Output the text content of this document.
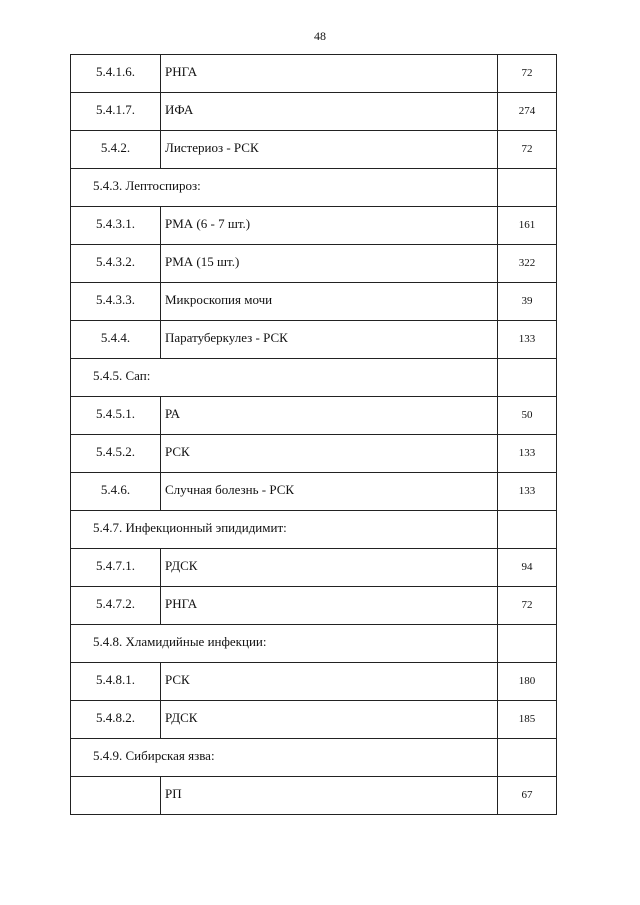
48
5.4.1.6.	РНГА	72

5.4.1.7.	ИФА	274

5.4.2.	Листериоз - РСК	72

5.4.3. Лептоспироз:		

5.4.3.1.	РМА (6 - 7 шт.)	161

5.4.3.2.	РМА (15 шт.)	322

5.4.3.3.	Микроскопия мочи	39

5.4.4.	Паратуберкулез - РСК	133

5.4.5. Сап:		

5.4.5.1.	РА	50

5.4.5.2.	РСК	133

5.4.6.	Случная болезнь - РСК	133

5.4.7. Инфекционный эпидидимит:		

5.4.7.1.	РДСК	94

5.4.7.2.	РНГА	72

5.4.8. Хламидийные инфекции:		

5.4.8.1.	РСК	180

5.4.8.2.	РДСК	185

5.4.9. Сибирская язва:		

	РП	67
